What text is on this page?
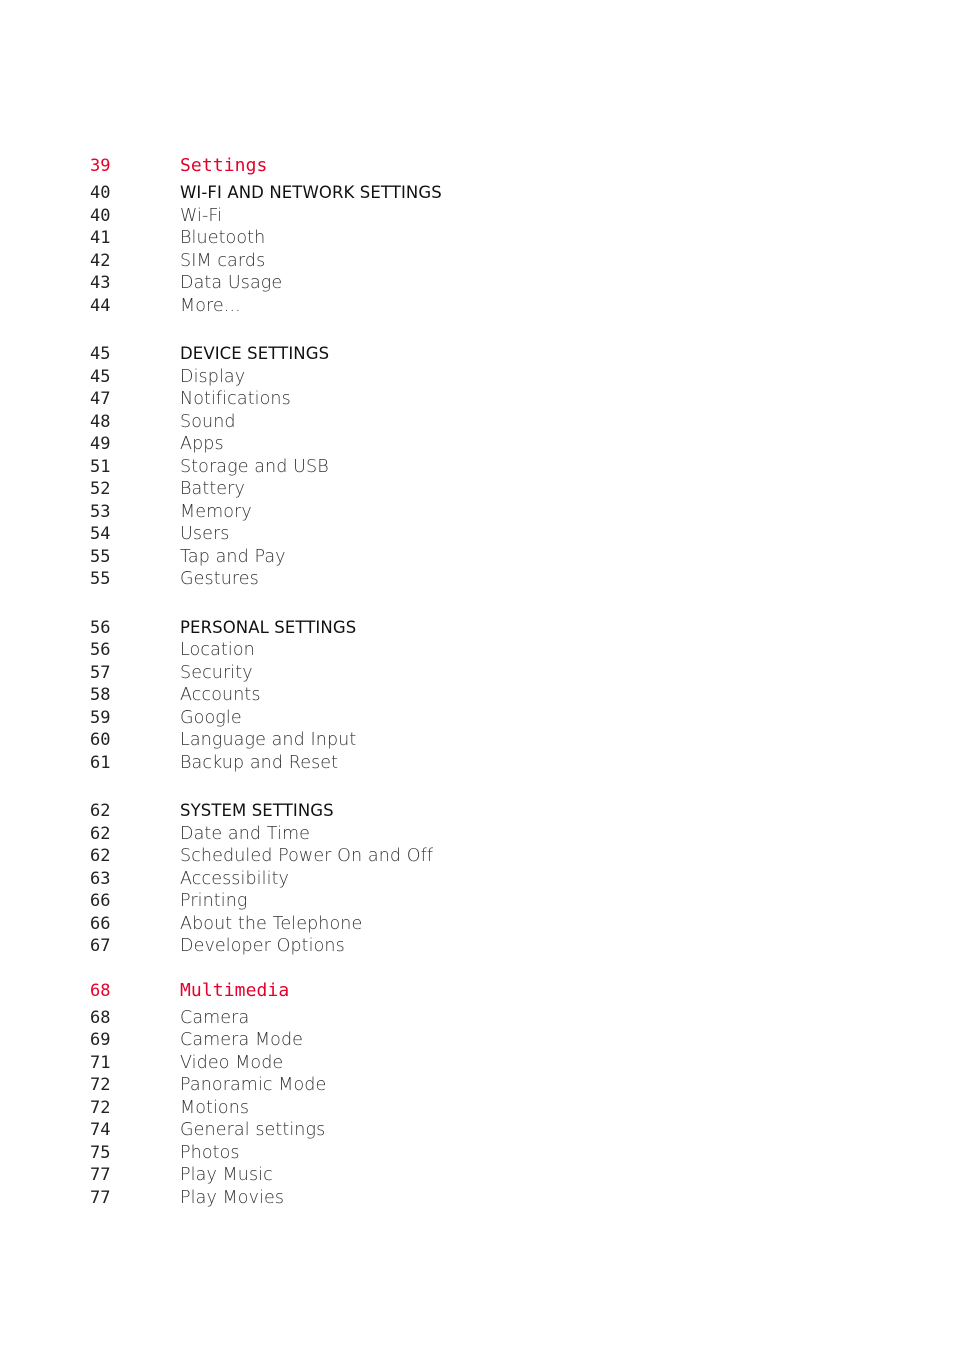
39	Settings
40	WI-FI AND NETWORK SETTINGS
40	Wi-Fi
41	Bluetooth
42	SIM cards
43	Data Usage
44	More...
45	DEVICE SETTINGS
45	Display
47	Notifications
48	Sound
49	Apps
51	Storage and USB
52	Battery
53	Memory
54	Users
55	Tap and Pay
55	Gestures
56	PERSONAL SETTINGS
56	Location
57	Security
58	Accounts
59	Google
60	Language and Input
61	Backup and Reset
62	SYSTEM SETTINGS
62	Date and Time
62	Scheduled Power On and Off
63	Accessibility
66	Printing
66	About the Telephone
67	Developer Options
68	Multimedia
68	Camera
69	Camera Mode
71	Video Mode
72	Panoramic Mode
72	Motions
74	General settings
75	Photos
77	Play Music
77	Play Movies
